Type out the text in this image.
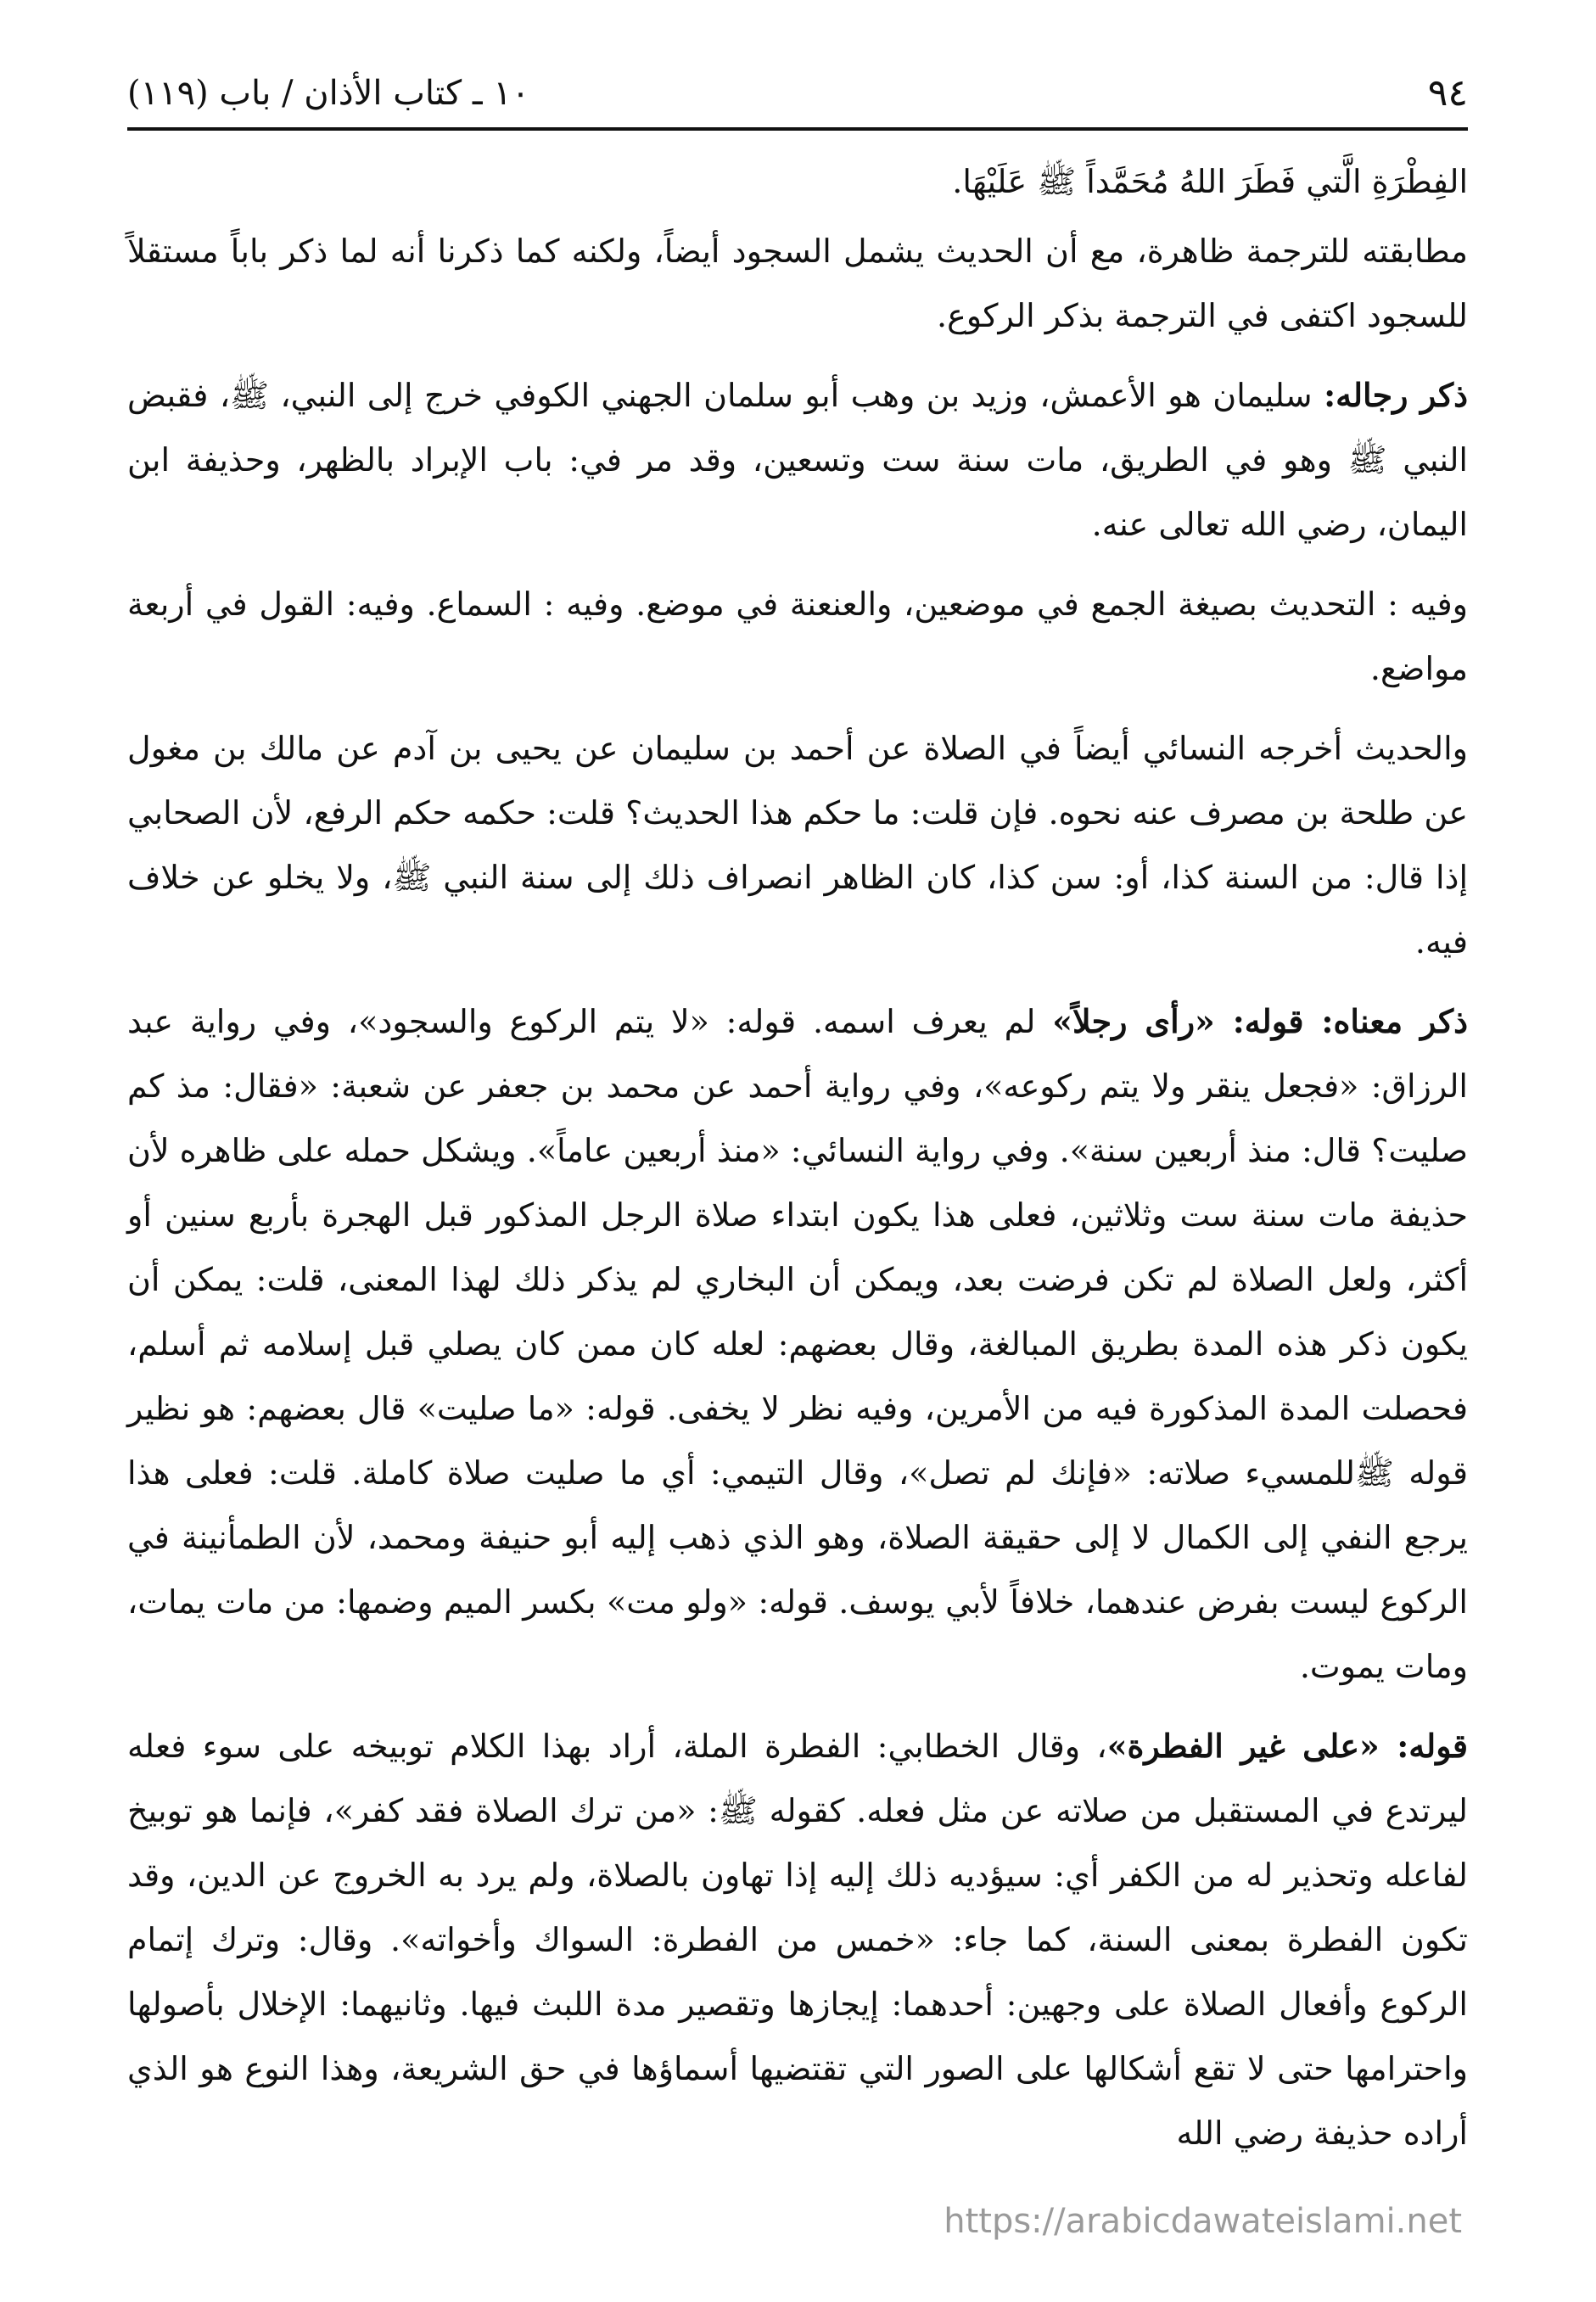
٩٤
١٠ ـ كتاب الأذان / باب (١١٩)

الفِطْرَةِ الَّتي فَطَرَ اللهُ مُحَمَّداً ﷺ عَلَيْهَا.

مطابقته للترجمة ظاهرة، مع أن الحديث يشمل السجود أيضاً، ولكنه كما ذكرنا أنه لما ذكر باباً مستقلاً للسجود اكتفى في الترجمة بذكر الركوع.

ذكر رجاله: سليمان هو الأعمش، وزيد بن وهب أبو سلمان الجهني الكوفي خرج إلى النبي، ﷺ، فقبض النبي ﷺ وهو في الطريق، مات سنة ست وتسعين، وقد مر في: باب الإبراد بالظهر، وحذيفة ابن اليمان، رضي الله تعالى عنه.

وفيه : التحديث بصيغة الجمع في موضعين، والعنعنة في موضع. وفيه : السماع. وفيه: القول في أربعة مواضع.

والحديث أخرجه النسائي أيضاً في الصلاة عن أحمد بن سليمان عن يحيى بن آدم عن مالك بن مغول عن طلحة بن مصرف عنه نحوه. فإن قلت: ما حكم هذا الحديث؟ قلت: حكمه حكم الرفع، لأن الصحابي إذا قال: من السنة كذا، أو: سن كذا، كان الظاهر انصراف ذلك إلى سنة النبي ﷺ، ولا يخلو عن خلاف فيه.

ذكر معناه: قوله: «رأى رجلاً» لم يعرف اسمه. قوله: «لا يتم الركوع والسجود»، وفي رواية عبد الرزاق: «فجعل ينقر ولا يتم ركوعه»، وفي رواية أحمد عن محمد بن جعفر عن شعبة: «فقال: مذ كم صليت؟ قال: منذ أربعين سنة». وفي رواية النسائي: «منذ أربعين عاماً». ويشكل حمله على ظاهره لأن حذيفة مات سنة ست وثلاثين، فعلى هذا يكون ابتداء صلاة الرجل المذكور قبل الهجرة بأربع سنين أو أكثر، ولعل الصلاة لم تكن فرضت بعد، ويمكن أن البخاري لم يذكر ذلك لهذا المعنى، قلت: يمكن أن يكون ذكر هذه المدة بطريق المبالغة، وقال بعضهم: لعله كان ممن كان يصلي قبل إسلامه ثم أسلم، فحصلت المدة المذكورة فيه من الأمرين، وفيه نظر لا يخفى. قوله: «ما صليت» قال بعضهم: هو نظير قوله ﷺللمسيء صلاته: «فإنك لم تصل»، وقال التيمي: أي ما صليت صلاة كاملة. قلت: فعلى هذا يرجع النفي إلى الكمال لا إلى حقيقة الصلاة، وهو الذي ذهب إليه أبو حنيفة ومحمد، لأن الطمأنينة في الركوع ليست بفرض عندهما، خلافاً لأبي يوسف. قوله: «ولو مت» بكسر الميم وضمها: من مات يمات، ومات يموت.

قوله: «على غير الفطرة»، وقال الخطابي: الفطرة الملة، أراد بهذا الكلام توبيخه على سوء فعله ليرتدع في المستقبل من صلاته عن مثل فعله. كقوله ﷺ: «من ترك الصلاة فقد كفر»، فإنما هو توبيخ لفاعله وتحذير له من الكفر أي: سيؤديه ذلك إليه إذا تهاون بالصلاة، ولم يرد به الخروج عن الدين، وقد تكون الفطرة بمعنى السنة، كما جاء: «خمس من الفطرة: السواك وأخواته». وقال: وترك إتمام الركوع وأفعال الصلاة على وجهين: أحدهما: إيجازها وتقصير مدة اللبث فيها. وثانيهما: الإخلال بأصولها واحترامها حتى لا تقع أشكالها على الصور التي تقتضيها أسماؤها في حق الشريعة، وهذا النوع هو الذي أراده حذيفة رضي الله

https://arabicdawateislami.net
